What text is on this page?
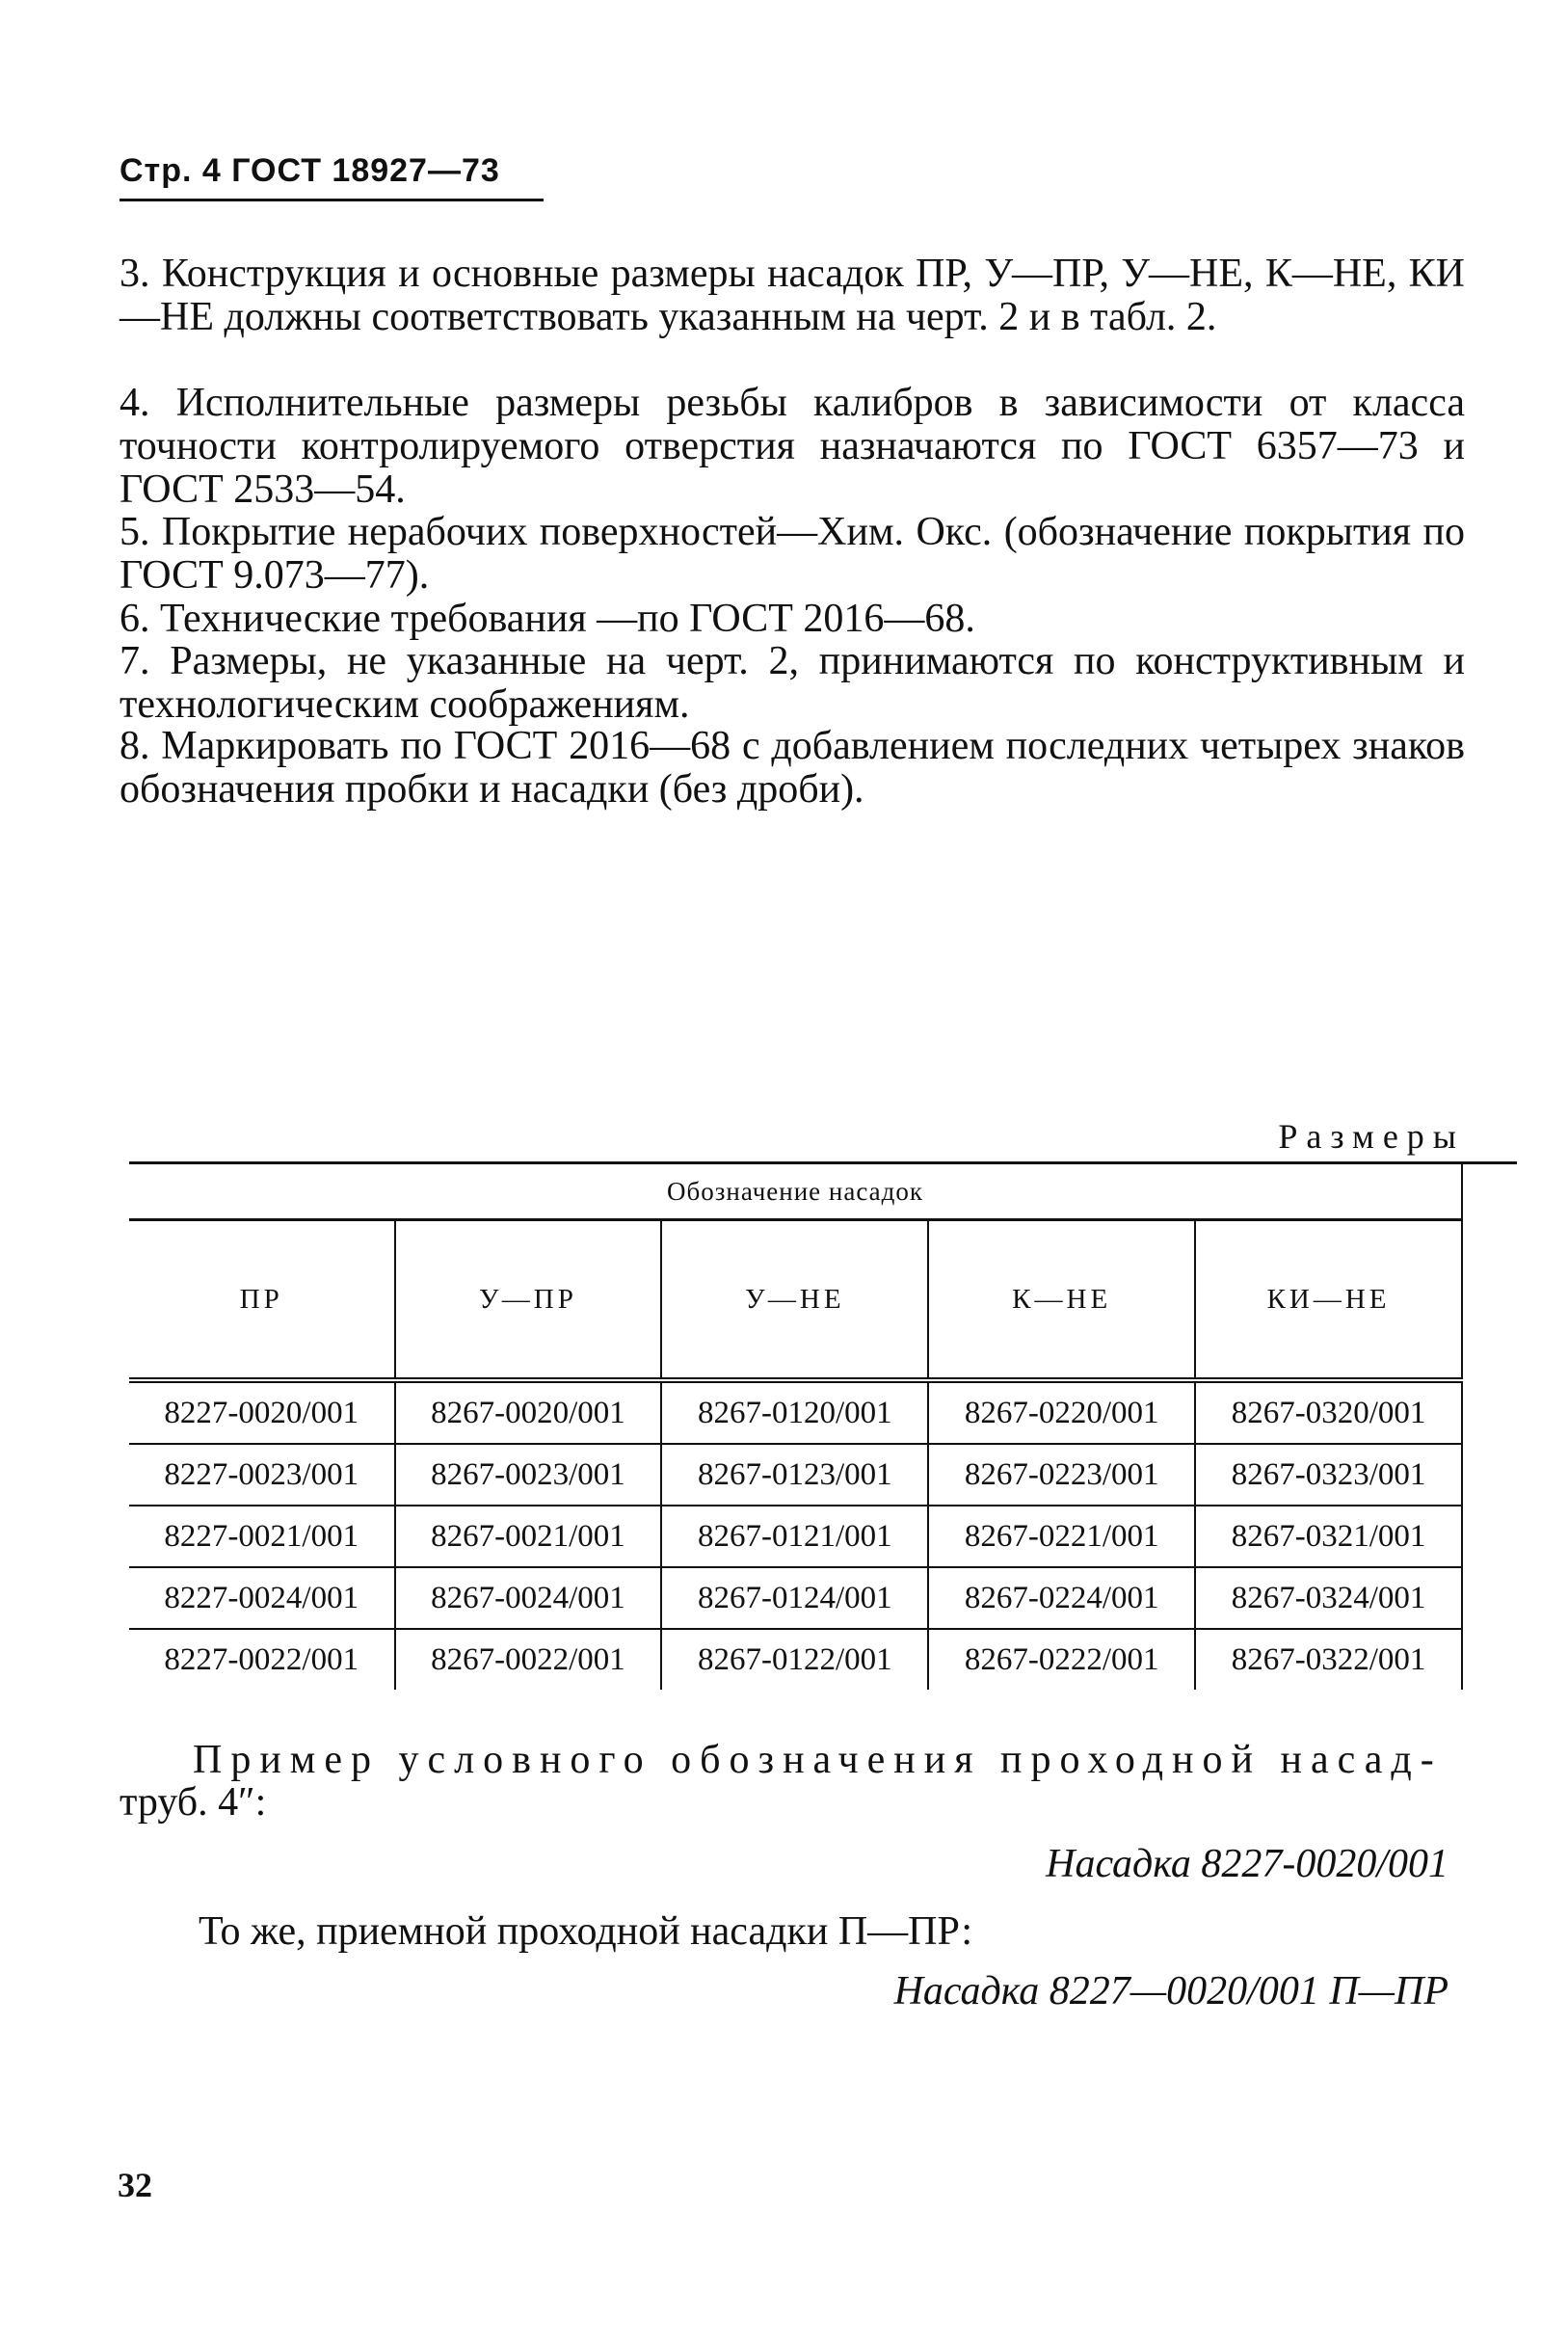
Стр. 4 ГОСТ 18927—73

3. Конструкция и основные размеры насадок ПР, У—ПР, У—НЕ, К—НЕ, КИ—НЕ должны соответствовать указанным на черт. 2 и в табл. 2.

4. Исполнительные размеры резьбы калибров в зависимости от класса точности контролируемого отверстия назначаются по ГОСТ 6357—73 и ГОСТ 2533—54.

5. Покрытие нерабочих поверхностей—Хим. Окс. (обозначение покрытия по ГОСТ 9.073—77).

6. Технические требования —по ГОСТ 2016—68.

7. Размеры, не указанные на черт. 2, принимаются по конструктивным и технологическим соображениям.

8. Маркировать по ГОСТ 2016—68 с добавлением последних четырех знаков обозначения пробки и насадки (без дроби).

Размеры
Обозначение насадок					
ПР	У—ПР	У—НЕ	К—НЕ	КИ—НЕ	
8227-0020/001	8267-0020/001	8267-0120/001	8267-0220/001	8267-0320/001	
8227-0023/001	8267-0023/001	8267-0123/001	8267-0223/001	8267-0323/001	
8227-0021/001	8267-0021/001	8267-0121/001	8267-0221/001	8267-0321/001	
8227-0024/001	8267-0024/001	8267-0124/001	8267-0224/001	8267-0324/001	
8227-0022/001	8267-0022/001	8267-0122/001	8267-0222/001	8267-0322/001	
Пример условного обозначения проходной насад-
труб. 4″:
Насадка 8227-0020/001
То же, приемной проходной насадки П—ПР:
Насадка 8227—0020/001 П—ПР
32
